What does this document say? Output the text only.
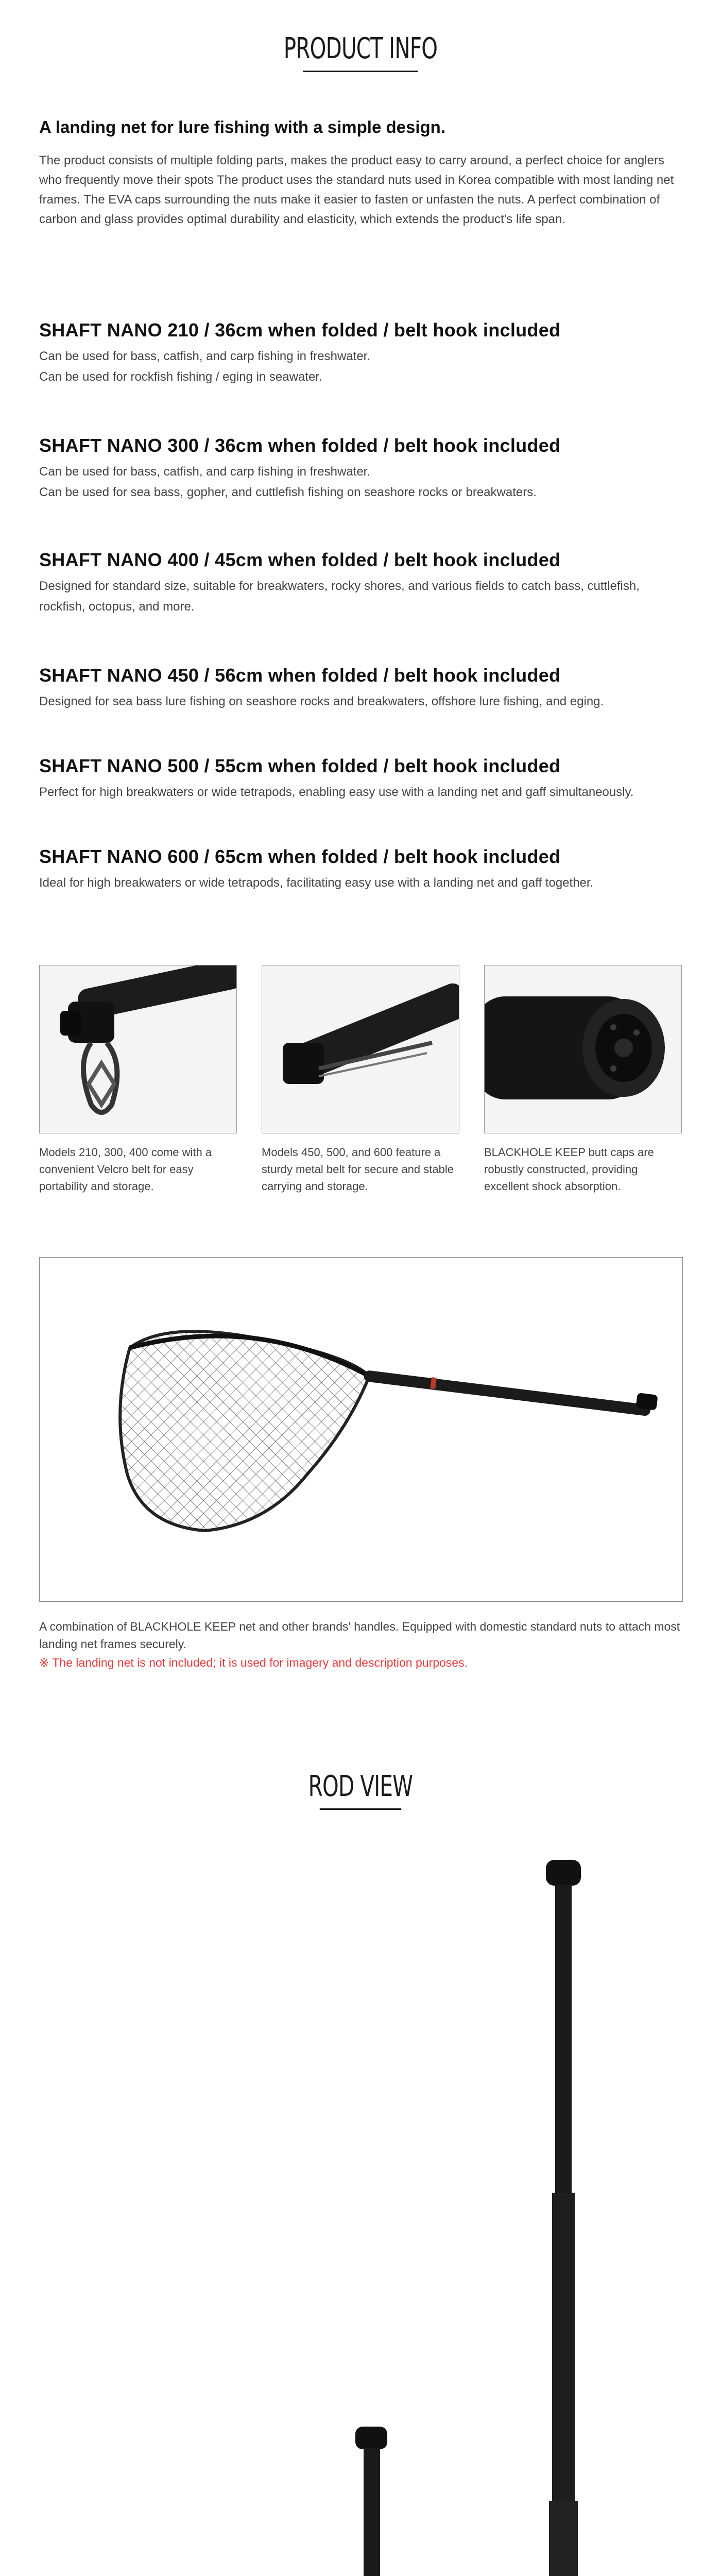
PRODUCT INFO

A landing net for lure fishing with a simple design.

The product consists of multiple folding parts, makes the product easy to carry around, a perfect choice for anglers who frequently move their spots The product uses the standard nuts used in Korea compatible with most landing net frames. The EVA caps surrounding the nuts make it easier to fasten or unfasten the nuts. A perfect combination of carbon and glass provides optimal durability and elasticity, which extends the product's life span.

SHAFT NANO 210 / 36cm when folded / belt hook included

Can be used for bass, catfish, and carp fishing in freshwater.

Can be used for rockfish fishing / eging in seawater.

SHAFT NANO 300 / 36cm when folded / belt hook included

Can be used for bass, catfish, and carp fishing in freshwater.

Can be used for sea bass, gopher, and cuttlefish fishing on seashore rocks or breakwaters.

SHAFT NANO 400 / 45cm when folded / belt hook included

Designed for standard size, suitable for breakwaters, rocky shores, and various fields to catch bass, cuttlefish, rockfish, octopus, and more.

SHAFT NANO 450 / 56cm when folded / belt hook included

Designed for sea bass lure fishing on seashore rocks and breakwaters, offshore lure fishing, and eging.

SHAFT NANO 500 / 55cm when folded / belt hook included

Perfect for high breakwaters or wide tetrapods, enabling easy use with a landing net and gaff simultaneously.

SHAFT NANO 600 / 65cm when folded / belt hook included

Ideal for high breakwaters or wide tetrapods, facilitating easy use with a landing net and gaff together.

Models 210, 300, 400 come with a convenient Velcro belt for easy portability and storage.

Models 450, 500, and 600 feature a sturdy metal belt for secure and stable carrying and storage.

BLACKHOLE KEEP butt caps are robustly constructed, providing excellent shock absorption.

A combination of BLACKHOLE KEEP net and other brands' handles. Equipped with domestic standard nuts to attach most landing net frames securely.

※ The landing net is not included; it is used for imagery and description purposes.

ROD VIEW
